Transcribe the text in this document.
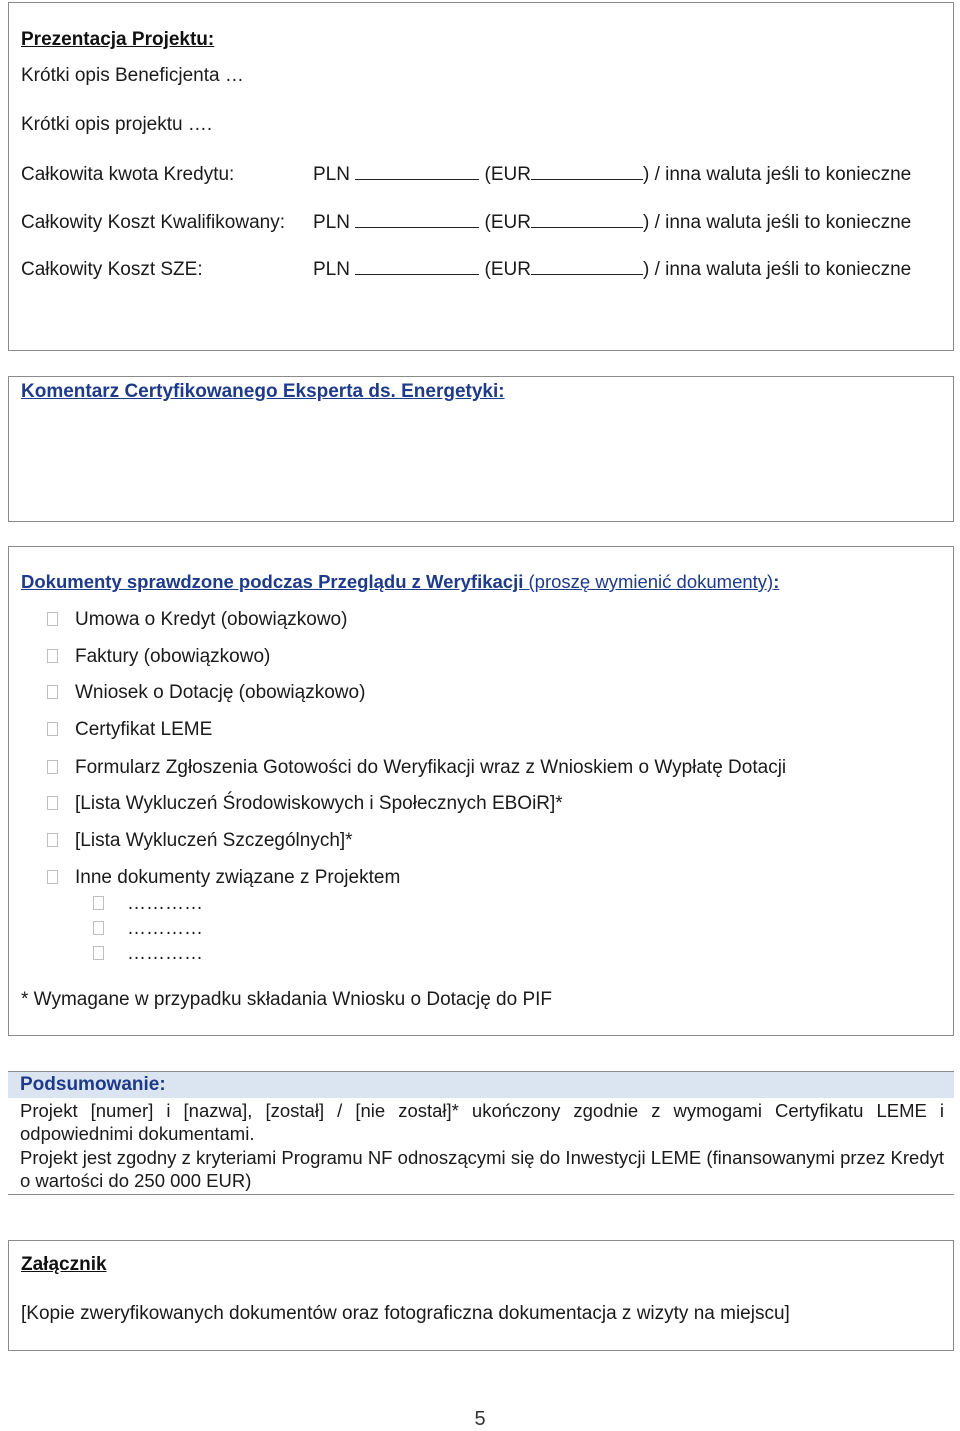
Prezentacja Projektu:
Krótki opis Beneficjenta …
Krótki opis projektu ….
Całkowita kwota Kredytu:	PLN	(EUR	) / inna waluta jeśli to konieczne
Całkowity Koszt Kwalifikowany: PLN	(EUR	) / inna waluta jeśli to konieczne
Całkowity Koszt SZE:	PLN	(EUR	) / inna waluta jeśli to konieczne
Komentarz Certyfikowanego Eksperta ds. Energetyki:
Dokumenty sprawdzone podczas Przeglądu z Weryfikacji (proszę wymienić dokumenty):
Umowa o Kredyt (obowiązkowo)
Faktury (obowiązkowo)
Wniosek o Dotację (obowiązkowo)
Certyfikat LEME
Formularz Zgłoszenia Gotowości do Weryfikacji wraz z Wnioskiem o Wypłatę Dotacji
[Lista Wykluczeń Środowiskowych i Społecznych EBOiR]*
[Lista Wykluczeń Szczególnych]*
Inne dokumenty związane z Projektem
…………
…………
…………
* Wymagane w przypadku składania Wniosku o Dotację do PIF
Podsumowanie:
Projekt [numer] i [nazwa], [został] / [nie został]* ukończony zgodnie z wymogami Certyfikatu LEME i odpowiednimi dokumentami.
Projekt jest zgodny z kryteriami Programu NF odnoszącymi się do Inwestycji LEME (finansowanymi przez Kredyt o wartości do 250 000 EUR)
Załącznik
[Kopie zweryfikowanych dokumentów oraz fotograficzna dokumentacja z wizyty na miejscu]
5
